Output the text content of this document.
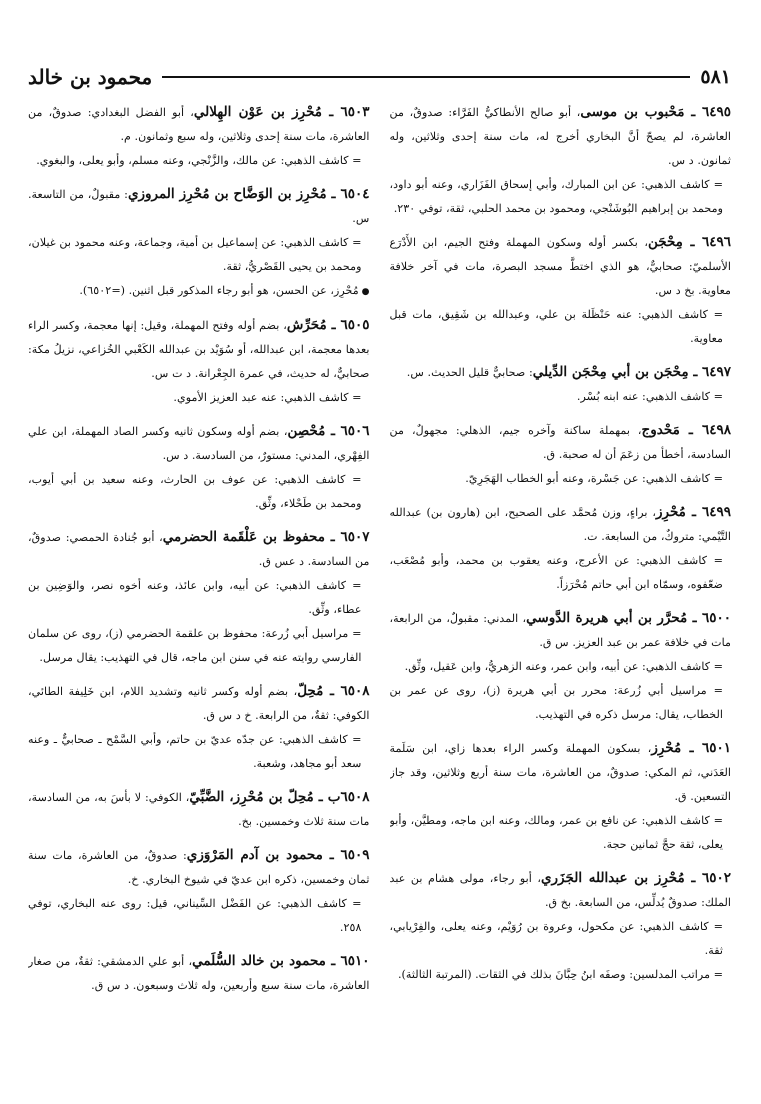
٥٨١
محمود بن خالد

٦٤٩٥ ـ مَحْبوب بن موسى، أبو صالح الأنطاكيُّ الفَرَّاء: صدوقٌ، من العاشرة، لم يصحّ أنَّ البخاري أخرج له، مات سنة إحدى وثلاثين، وله ثمانون. د س.

= كاشف الذهبي: عن ابن المبارك، وأبي إسحاق الفَزَاري، وعنه أبو داود، ومحمد بن إبراهيم البُوشَنْجي، ومحمود بن محمد الحلبي، ثقة، توفي ٢٣٠.

٦٤٩٦ ـ مِحْجَن، بكسر أوله وسكون المهملة وفتح الجيم، ابن الأَدْرَع الأسلميّ: صحابيٌّ، هو الذي اختطَّ مسجد البصرة، مات في آخر خلافة معاوية. بخ د س.

= كاشف الذهبي: عنه حَنْظَلة بن علي، وعبدالله بن شَقِيق، مات قبل معاوية.

٦٤٩٧ ـ مِحْجَن بن أبي مِحْجَن الدِّيلي: صحابيٌّ قليل الحديث. س.

= كاشف الذهبي: عنه ابنه بُسْر.

٦٤٩٨ ـ مَحْدوج، بمهملة ساكنة وآخره جيم، الذهلي: مجهولٌ، من السادسة، أخطأ من زعَمَ أن له صحبة. ق.

= كاشف الذهبي: عن جَسْرة، وعنه أبو الخطاب الهَجَرِيّ.

٦٤٩٩ ـ مُحْرِز، براءٍ، وزن مُحمَّد على الصحيح، ابن (هارون بن) عبدالله التَّيْمي: متروكٌ، من السابعة. ت.

= كاشف الذهبي: عن الأعرج، وعنه يعقوب بن محمد، وأبو مُصْعَب، ضعّفوه، وسمّاه ابن أبي حاتم مُحْرَزاً.

٦٥٠٠ ـ مُحرَّر بن أبي هريرة الدَّوسي، المدني: مقبولٌ، من الرابعة، مات في خلافة عمر بن عبد العزيز. س ق.

= كاشف الذهبي: عن أبيه، وابن عمر، وعنه الزهريُّ، وابن عَقيل، وثِّق.

= مراسيل أبي زُرعة: محرر بن أبي هريرة (ز)، روى عن عمر بن الخطاب، يقال: مرسل ذكره في التهذيب.

٦٥٠١ ـ مُحْرِز، بسكون المهملة وكسر الراء بعدها زاي، ابن سَلَمة العَدَني، ثم المكي: صدوقٌ، من العاشرة، مات سنة أربع وثلاثين، وقد جاز التسعين. ق.

= كاشف الذهبي: عن نافع بن عمر، ومالك، وعنه ابن ماجه، ومطيَّن، وأبو يعلى، ثقة حجَّ ثمانين حجة.

٦٥٠٢ ـ مُحْرِز بن عبدالله الجَزَري، أبو رجاء، مولى هشام بن عبد الملك: صدوقٌ يُدلِّس، من السابعة. بخ ق.

= كاشف الذهبي: عن مكحول، وعروة بن رُوَيْم، وعنه يعلى، والفِرْيابي، ثقة.

= مراتب المدلسين: وصفَه ابنُ حِبَّانَ بذلك في الثقات. (المرتبة الثالثة).

٦٥٠٣ ـ مُحْرِز بن عَوْن الهِلالي، أبو الفضل البغدادي: صدوقٌ، من العاشرة، مات سنة إحدى وثلاثين، وله سبع وثمانون. م.

= كاشف الذهبي: عن مالك، والزَّنْجي، وعنه مسلم، وأبو يعلى، والبغوي.

٦٥٠٤ ـ مُحْرِز بن الوَضَّاح بن مُحْرِز المروزي: مقبولٌ، من التاسعة. س.

= كاشف الذهبي: عن إسماعيل بن أمية، وجماعة، وعنه محمود بن غيلان، ومحمد بن يحيى القَصْريُّ، ثقة.

● مُحْرِز، عن الحسن، هو أبو رجاء المذكور قبل اثنين. (=٦٥٠٢).

٦٥٠٥ ـ مُحَرِّش، بضم أوله وفتح المهملة، وقيل: إنها معجمة، وكسر الراء بعدها معجمة، ابن عبدالله، أو سُوَيْد بن عبدالله الكَعْبي الخُزاعي، نزيلُ مكة: صحابيٌّ، له حديث، في عمرة الجِعْرانة. د ت س.

= كاشف الذهبي: عنه عبد العزيز الأموي.

٦٥٠٦ ـ مُحْصِن، بضم أوله وسكون ثانيه وكسر الصاد المهملة، ابن علي الفِهْري، المدني: مستورٌ، من السادسة. د س.

= كاشف الذهبي: عن عوف بن الحارث، وعنه سعيد بن أبي أيوب، ومحمد بن طَحْلاء، وثِّق.

٦٥٠٧ ـ محفوظ بن عَلْقَمة الحضرمي، أبو جُنادة الحمصي: صدوقٌ، من السادسة. د عس ق.

= كاشف الذهبي: عن أبيه، وابن عائذ، وعنه أخوه نصر، والوَضِين بن عطاء، وثِّق.

= مراسيل أبي زُرعة: محفوظ بن علقمة الحضرمي (ز)، روى عن سلمان الفارسي روايته عنه في سنن ابن ماجه، قال في التهذيب: يقال مرسل.

٦٥٠٨ ـ مُحِلّ، بضم أوله وكسر ثانيه وتشديد اللام، ابن خَلِيفة الطائي، الكوفي: ثقةٌ، من الرابعة. خ د س ق.

= كاشف الذهبي: عن جدّه عديّ بن حاتم، وأبي السَّمْح ـ صحابيٌّ ـ وعنه سعد أبو مجاهد، وشعبة.

٦٥٠٨ب ـ مُحِلّ بن مُحْرِز، الضَّبِّيّ، الكوفي: لا بأسَ به، من السادسة، مات سنة ثلاث وخمسين. بخ.

٦٥٠٩ ـ محمود بن آدم المَرْوَزي: صدوقٌ، من العاشرة، مات سنة ثمان وخمسين، ذكره ابن عديّ في شيوخ البخاري. خ.

= كاشف الذهبي: عن الفَضْل السِّيناني، قيل: روى عنه البخاري، توفي ٢٥٨.

٦٥١٠ ـ محمود بن خالد السُّلَمي، أبو علي الدمشقي: ثقةٌ، من صغار العاشرة، مات سنة سبع وأربعين، وله ثلاث وسبعون. د س ق.
